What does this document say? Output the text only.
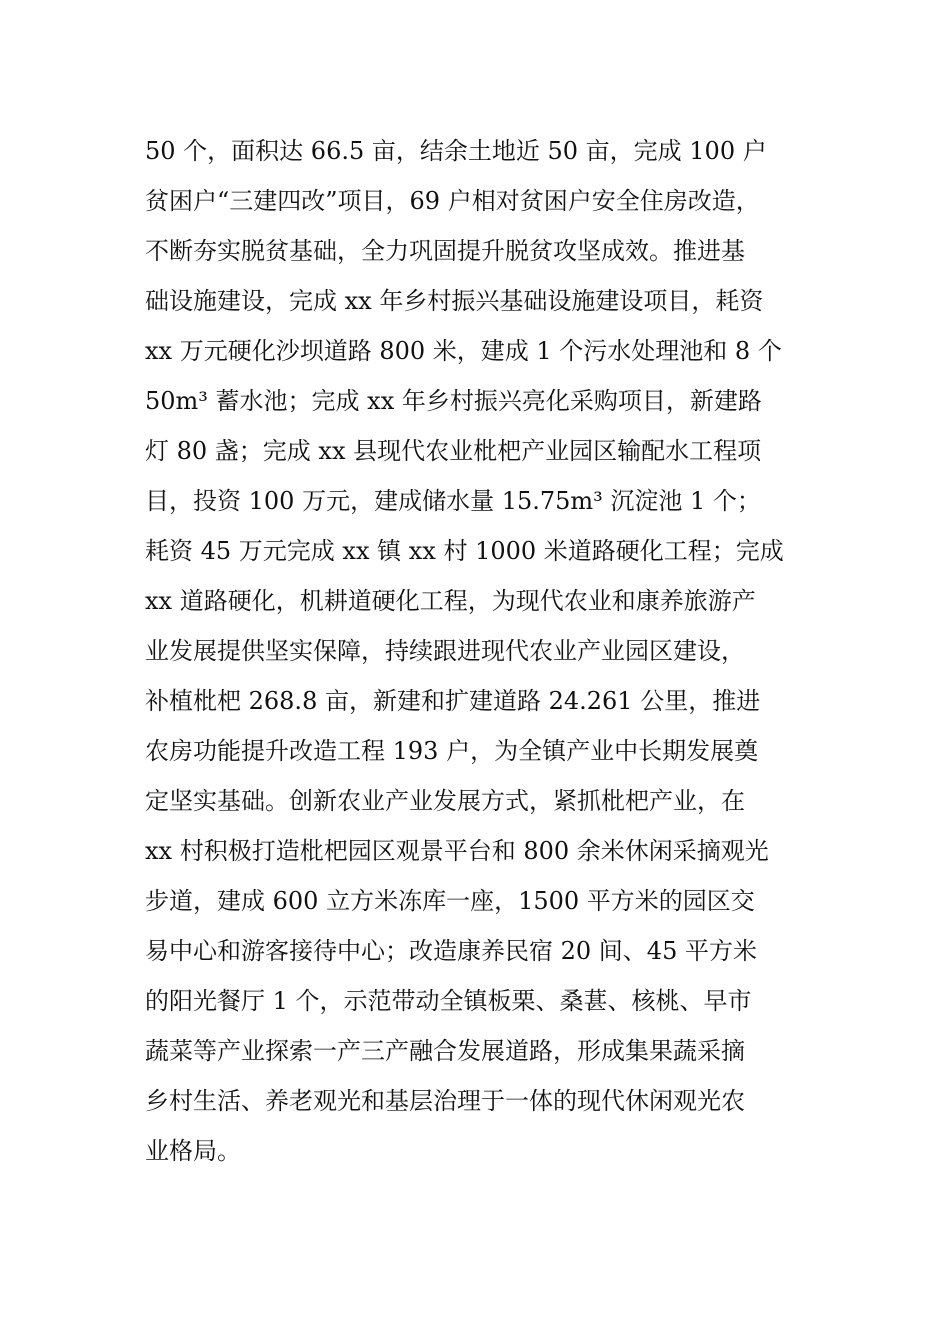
50 个，面积达 66.5 亩，结余土地近 50 亩，完成 100 户
贫困户“三建四改”项目，69 户相对贫困户安全住房改造，
不断夯实脱贫基础，全力巩固提升脱贫攻坚成效。推进基
础设施建设，完成 xx 年乡村振兴基础设施建设项目，耗资
xx 万元硬化沙坝道路 800 米，建成 1 个污水处理池和 8 个
50m³ 蓄水池；完成 xx 年乡村振兴亮化采购项目，新建路
灯 80 盏；完成 xx 县现代农业枇杷产业园区输配水工程项
目，投资 100 万元，建成储水量 15.75m³ 沉淀池 1 个；
耗资 45 万元完成 xx 镇 xx 村 1000 米道路硬化工程；完成
xx 道路硬化，机耕道硬化工程，为现代农业和康养旅游产
业发展提供坚实保障，持续跟进现代农业产业园区建设，
补植枇杷 268.8 亩，新建和扩建道路 24.261 公里，推进
农房功能提升改造工程 193 户，为全镇产业中长期发展奠
定坚实基础。创新农业产业发展方式，紧抓枇杷产业，在
xx 村积极打造枇杷园区观景平台和 800 余米休闲采摘观光
步道，建成 600 立方米冻库一座，1500 平方米的园区交
易中心和游客接待中心；改造康养民宿 20 间、45 平方米
的阳光餐厅 1 个，示范带动全镇板栗、桑葚、核桃、早市
蔬菜等产业探索一产三产融合发展道路，形成集果蔬采摘
乡村生活、养老观光和基层治理于一体的现代休闲观光农
业格局。
